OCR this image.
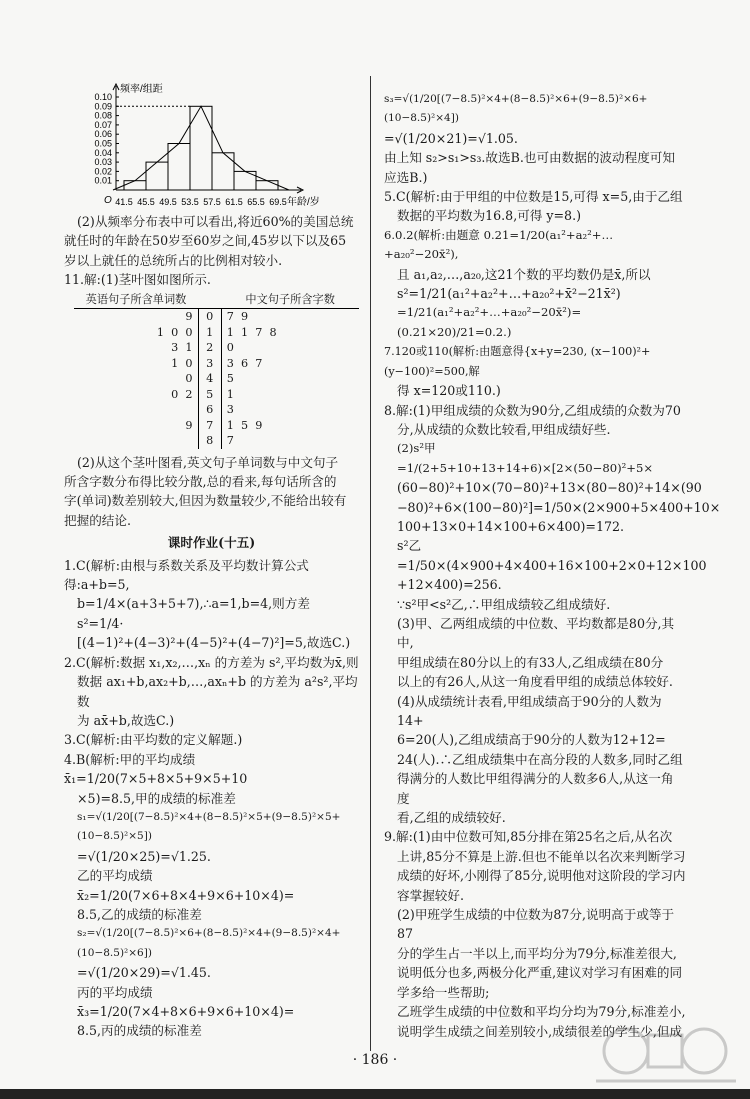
频率/组距
年龄/岁
O
0.10
0.09
0.08
0.07
0.06
0.05
0.04
0.03
0.02
0.01
41.5 45.5 49.5 53.5 57.5 61.5 65.5 69.5

(2)从频率分布表中可以看出,将近60%的美国总统

就任时的年龄在50岁至60岁之间,45岁以下以及65

岁以上就任的总统所占的比例相对较小.

11.解:(1)茎叶图如图所示.

英语句子所含单词数		中文句子所含字数
9	0	7  9
1  0  0	1	1  1  7  8
3  1	2	0
1  0	3	3  6  7
0	4	5
0  2	5	1
	6	3
9	7	1  5  9
	8	7

(2)从这个茎叶图看,英文句子单词数与中文句子

所含字数分布得比较分散,总的看来,每句话所含的

字(单词)数差别较大,但因为数量较少,不能给出较有

把握的结论.

课时作业(十五)

1.C(解析:由根与系数关系及平均数计算公式得:a+b=5,

b=1/4×(a+3+5+7),∴a=1,b=4,则方差 s²=1/4·

[(4−1)²+(4−3)²+(4−5)²+(4−7)²]=5,故选C.)

2.C(解析:数据 x₁,x₂,…,xₙ 的方差为 s²,平均数为x̄,则

数据 ax₁+b,ax₂+b,…,axₙ+b 的方差为 a²s²,平均数

为 ax̄+b,故选C.)

3.C(解析:由平均数的定义解题.)

4.B(解析:甲的平均成绩x̄₁=1/20(7×5+8×5+9×5+10

×5)=8.5,甲的成绩的标准差

s₁=√(1/20[(7−8.5)²×4+(8−8.5)²×5+(9−8.5)²×5+(10−8.5)²×5])

=√(1/20×25)=√1.25.

乙的平均成绩x̄₂=1/20(7×6+8×4+9×6+10×4)=

8.5,乙的成绩的标准差

s₂=√(1/20[(7−8.5)²×6+(8−8.5)²×4+(9−8.5)²×4+(10−8.5)²×6])

=√(1/20×29)=√1.45.

丙的平均成绩x̄₃=1/20(7×4+8×6+9×6+10×4)=

8.5,丙的成绩的标准差

s₃=√(1/20[(7−8.5)²×4+(8−8.5)²×6+(9−8.5)²×6+(10−8.5)²×4])

=√(1/20×21)=√1.05.

由上知 s₂>s₁>s₃.故选B.也可由数据的波动程度可知

应选B.)

5.C(解析:由于甲组的中位数是15,可得 x=5,由于乙组

数据的平均数为16.8,可得 y=8.)

6.0.2(解析:由题意 0.21=1/20(a₁²+a₂²+…+a₂₀²−20x̄²),

且 a₁,a₂,…,a₂₀,这21个数的平均数仍是x̄,所以

s²=1/21(a₁²+a₂²+…+a₂₀²+x̄²−21x̄²)

=1/21(a₁²+a₂²+…+a₂₀²−20x̄²)=(0.21×20)/21=0.2.)

7.120或110(解析:由题意得{x+y=230, (x−100)²+(y−100)²=500,解

得 x=120或110.)

8.解:(1)甲组成绩的众数为90分,乙组成绩的众数为70

分,从成绩的众数比较看,甲组成绩好些.

(2)s²甲=1/(2+5+10+13+14+6)×[2×(50−80)²+5×

(60−80)²+10×(70−80)²+13×(80−80)²+14×(90

−80)²+6×(100−80)²]=1/50×(2×900+5×400+10×

100+13×0+14×100+6×400)=172.

s²乙=1/50×(4×900+4×400+16×100+2×0+12×100

+12×400)=256.

∵s²甲<s²乙,∴甲组成绩较乙组成绩好.

(3)甲、乙两组成绩的中位数、平均数都是80分,其中,

甲组成绩在80分以上的有33人,乙组成绩在80分

以上的有26人,从这一角度看甲组的成绩总体较好.

(4)从成绩统计表看,甲组成绩高于90分的人数为14+

6=20(人),乙组成绩高于90分的人数为12+12=

24(人).∴乙组成绩集中在高分段的人数多,同时乙组

得满分的人数比甲组得满分的人数多6人,从这一角度

看,乙组的成绩较好.

9.解:(1)由中位数可知,85分排在第25名之后,从名次

上讲,85分不算是上游.但也不能单以名次来判断学习

成绩的好坏,小刚得了85分,说明他对这阶段的学习内

容掌握较好.

(2)甲班学生成绩的中位数为87分,说明高于或等于87

分的学生占一半以上,而平均分为79分,标准差很大,

说明低分也多,两极分化严重,建议对学习有困难的同

学多给一些帮助;

乙班学生成绩的中位数和平均分均为79分,标准差小,

说明学生成绩之间差别较小,成绩很差的学生少,但成

· 186 ·
